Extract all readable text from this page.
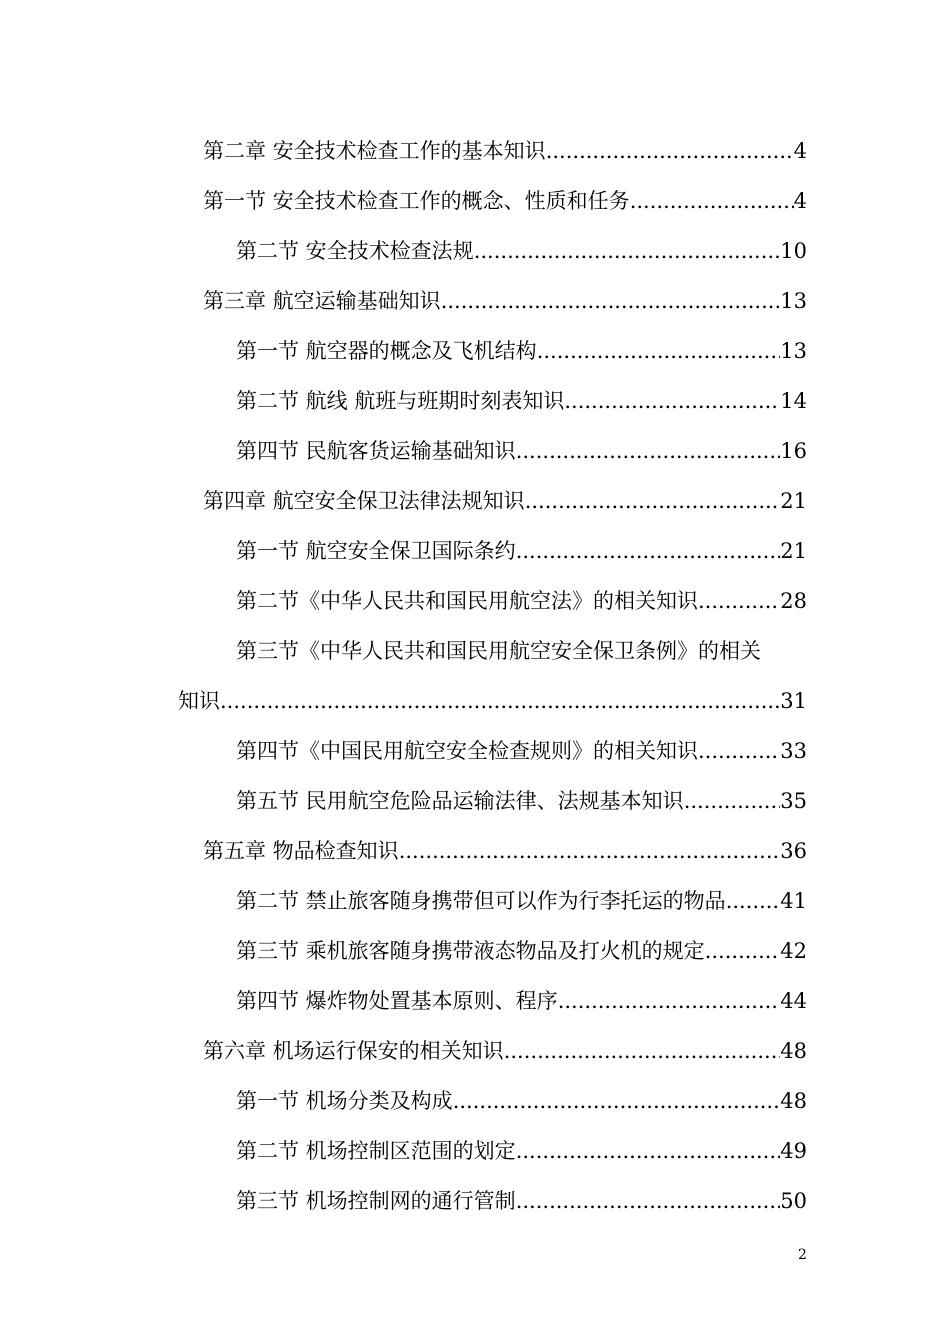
第二章 安全技术检查工作的基本知识 .....	4
第一节 安全技术检查工作的概念、性质和任务 .....	4
第二节 安全技术检查法规 .....	10
第三章 航空运输基础知识 .....	13
第一节 航空器的概念及飞机结构 .....	13
第二节 航线 航班与班期时刻表知识 .....	14
第四节 民航客货运输基础知识 .....	16
第四章 航空安全保卫法律法规知识 .....	21
第一节 航空安全保卫国际条约 .....	21
第二节《中华人民共和国民用航空法》的相关知识 .....	28
第三节《中华人民共和国民用航空安全保卫条例》的相关
知识 .....	31
第四节《中国民用航空安全检查规则》的相关知识 .....	33
第五节 民用航空危险品运输法律、法规基本知识 .....	35
第五章 物品检查知识 .....	36
第二节 禁止旅客随身携带但可以作为行李托运的物品 .....	41
第三节 乘机旅客随身携带液态物品及打火机的规定 .....	42
第四节 爆炸物处置基本原则、程序 .....	44
第六章 机场运行保安的相关知识 .....	48
第一节 机场分类及构成 .....	48
第二节 机场控制区范围的划定 .....	49
第三节 机场控制网的通行管制 .....	50
2
